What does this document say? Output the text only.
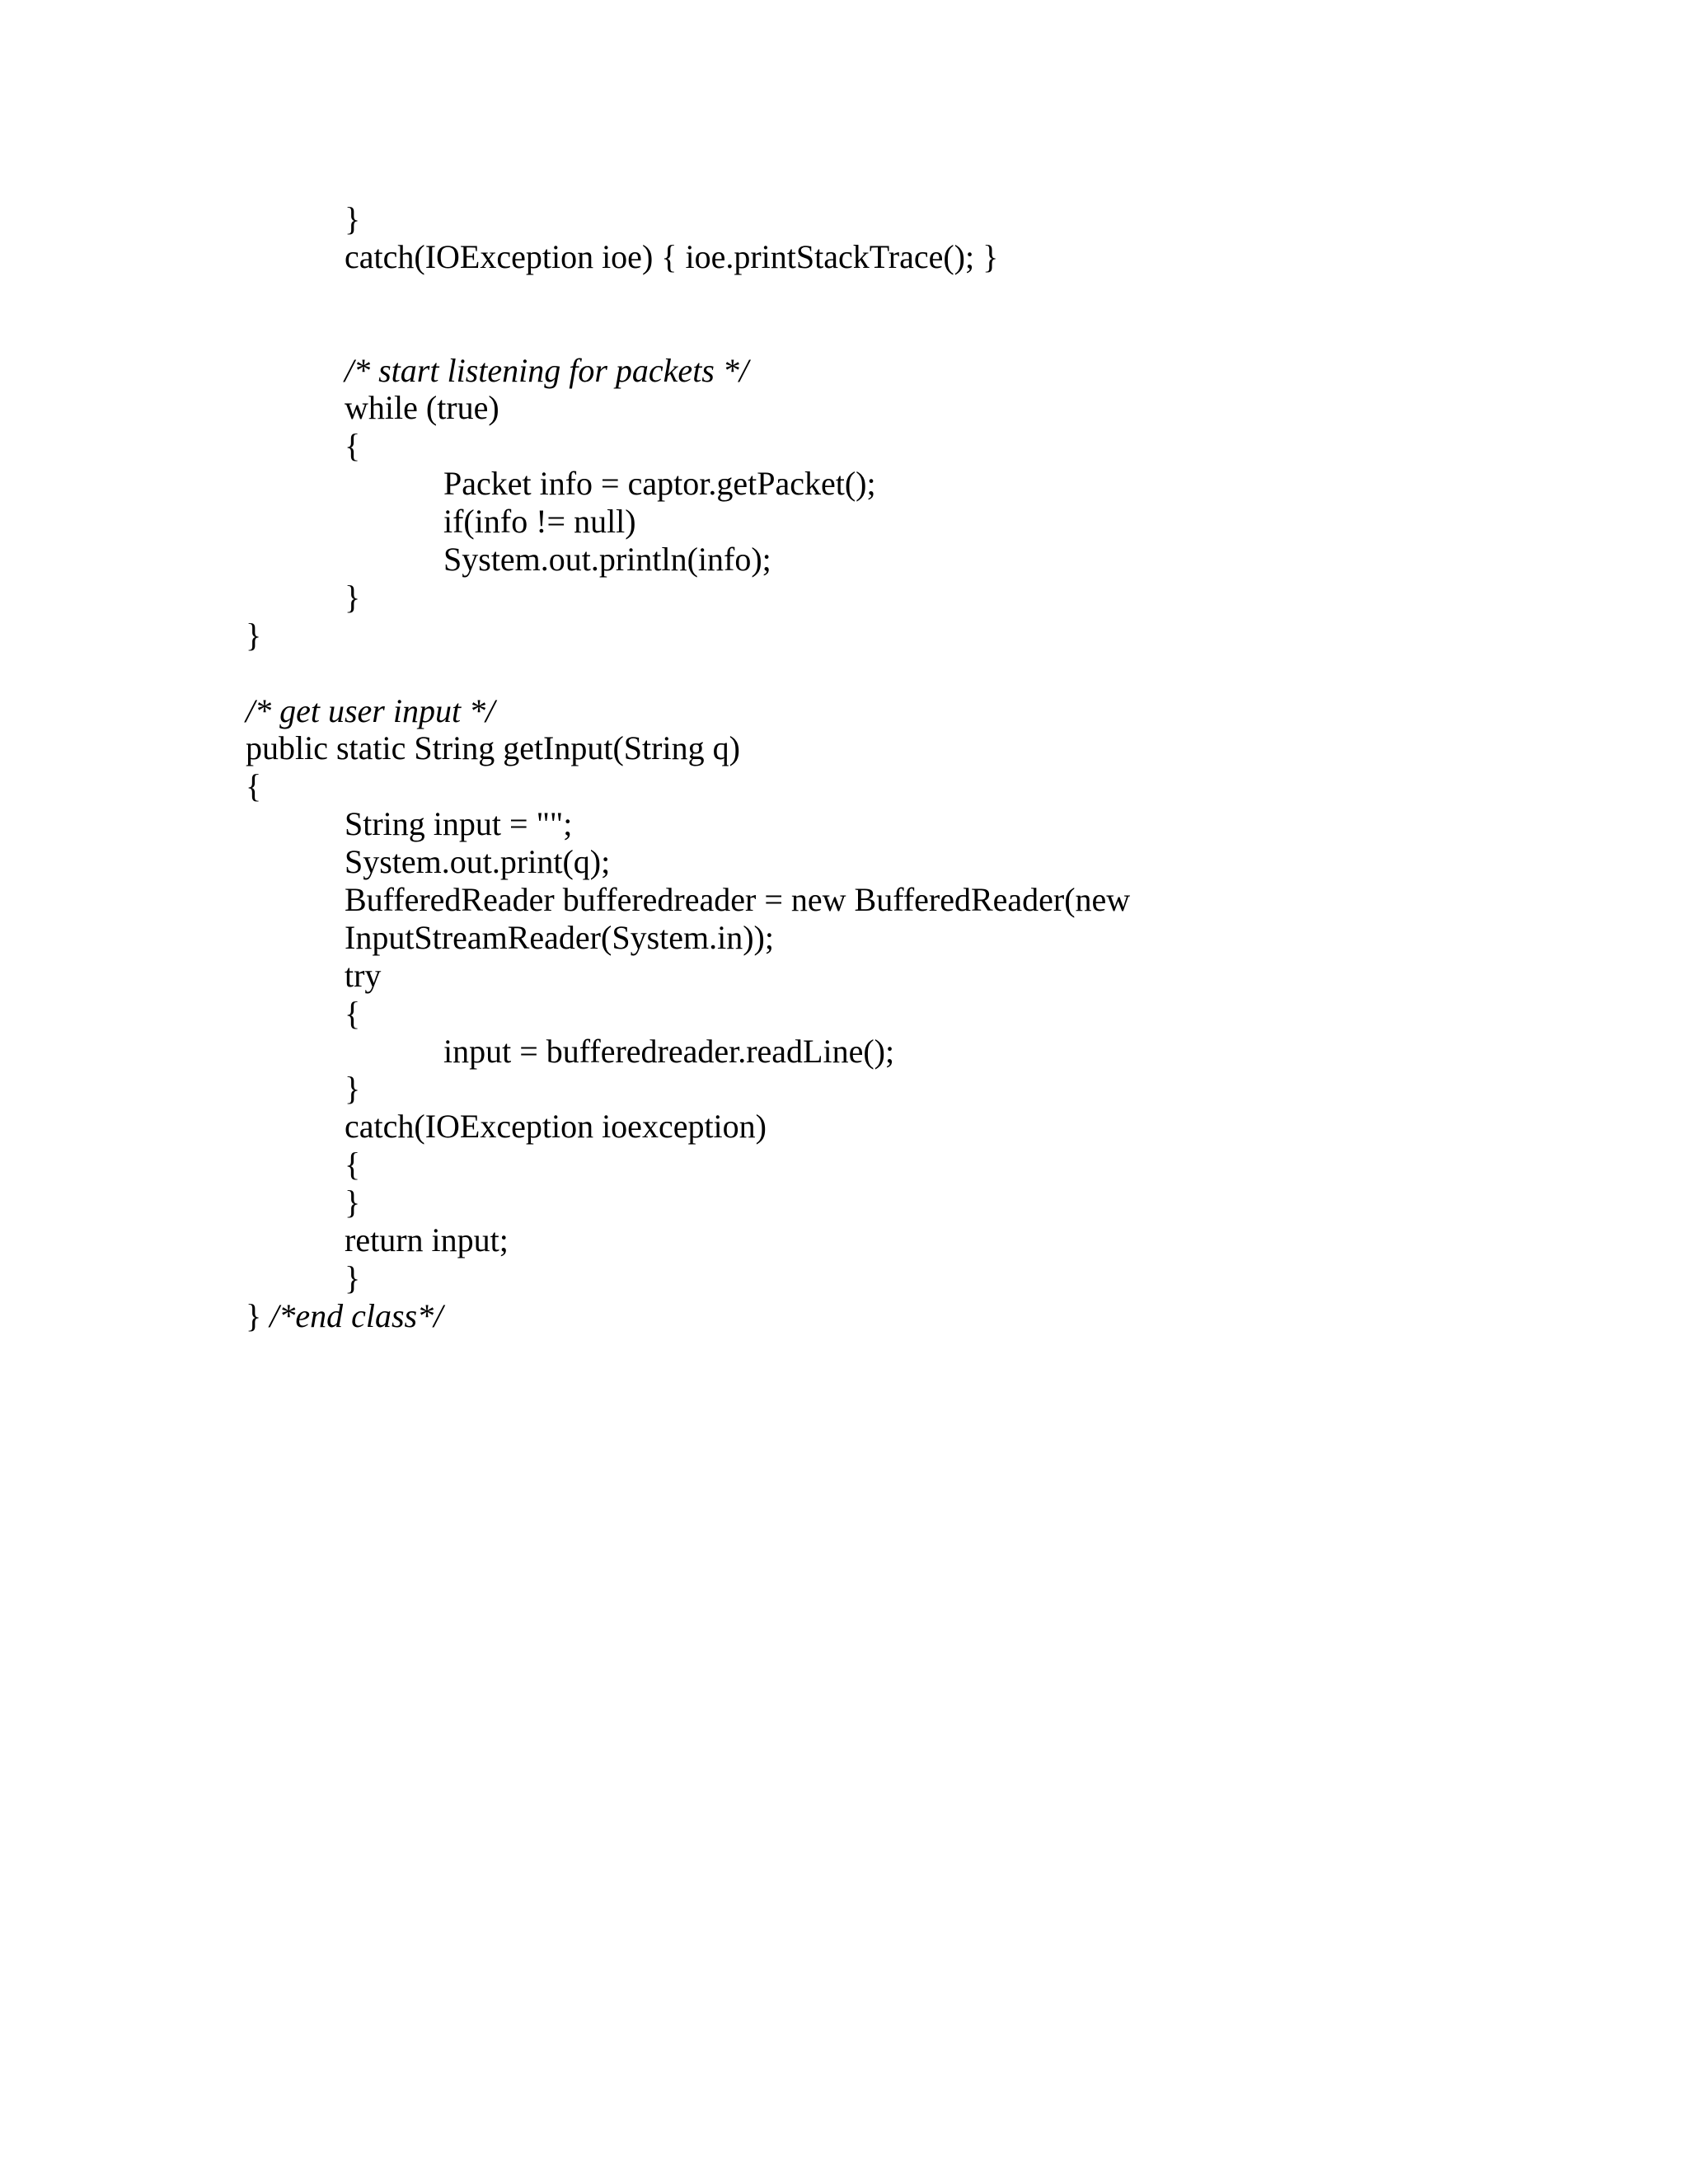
}
catch(IOException ioe) { ioe.printStackTrace(); }
/* start listening for packets */
while (true)
{
Packet info = captor.getPacket();
if(info != null)
System.out.println(info);
}
}
/* get user input */
public static String getInput(String q)
{
String input = "";
System.out.print(q);
BufferedReader bufferedreader = new BufferedReader(new
InputStreamReader(System.in));
try
{
input = bufferedreader.readLine();
}
catch(IOException ioexception)
{
}
return input;
}
} /*end class*/
